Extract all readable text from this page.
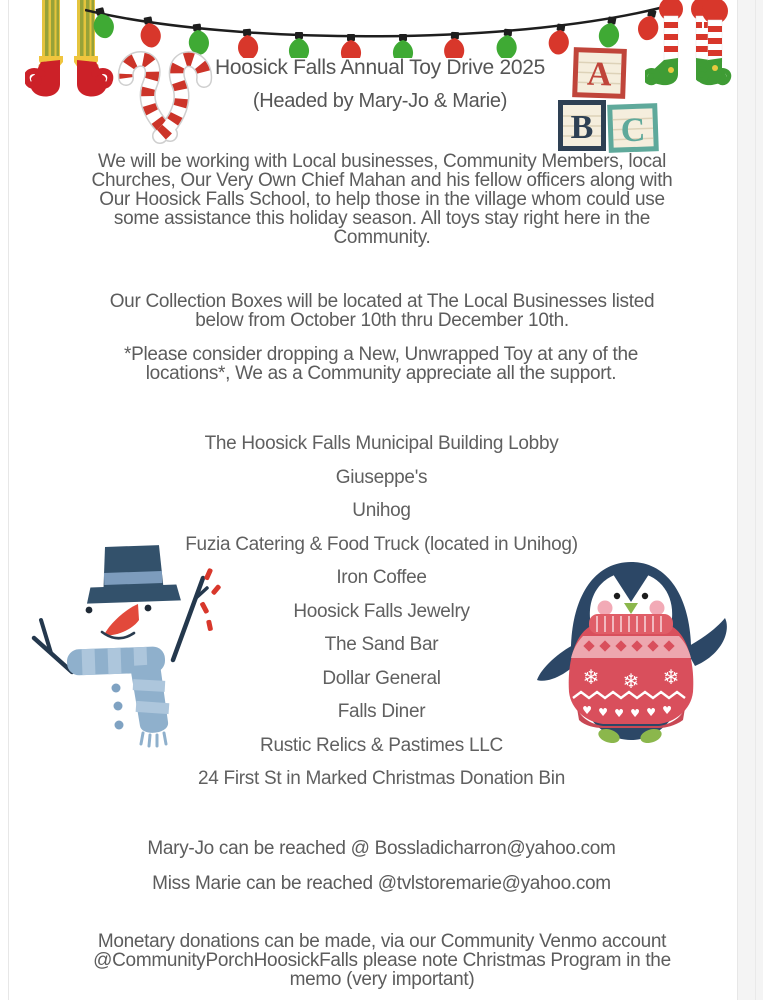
A
B C
Hoosick Falls Annual Toy Drive 2025
(Headed by Mary-Jo & Marie)
We will be working with Local businesses, Community Members, local Churches, Our Very Own Chief Mahan and his fellow officers along with Our Hoosick Falls School, to help those in the village whom could use some assistance this holiday season. All toys stay right here in the Community.
Our Collection Boxes will be located at The Local Businesses listed below from October 10th thru December 10th.
*Please consider dropping a New, Unwrapped Toy at any of the locations*, We as a Community appreciate all the support.
The Hoosick Falls Municipal Building Lobby
Giuseppe's
Unihog
Fuzia Catering & Food Truck (located in Unihog)
Iron Coffee
Hoosick Falls Jewelry
The Sand Bar
Dollar General
Falls Diner
Rustic Relics & Pastimes LLC
24 First St in Marked Christmas Donation Bin
Mary-Jo can be reached @ Bossladicharron@yahoo.com
Miss Marie can be reached @tvlstoremarie@yahoo.com
Monetary donations can be made, via our Community Venmo account  @CommunityPorchHoosickFalls please note Christmas Program in the memo (very important)
❄ ❄ ❄
♥ ♥ ♥ ♥ ♥ ♥
